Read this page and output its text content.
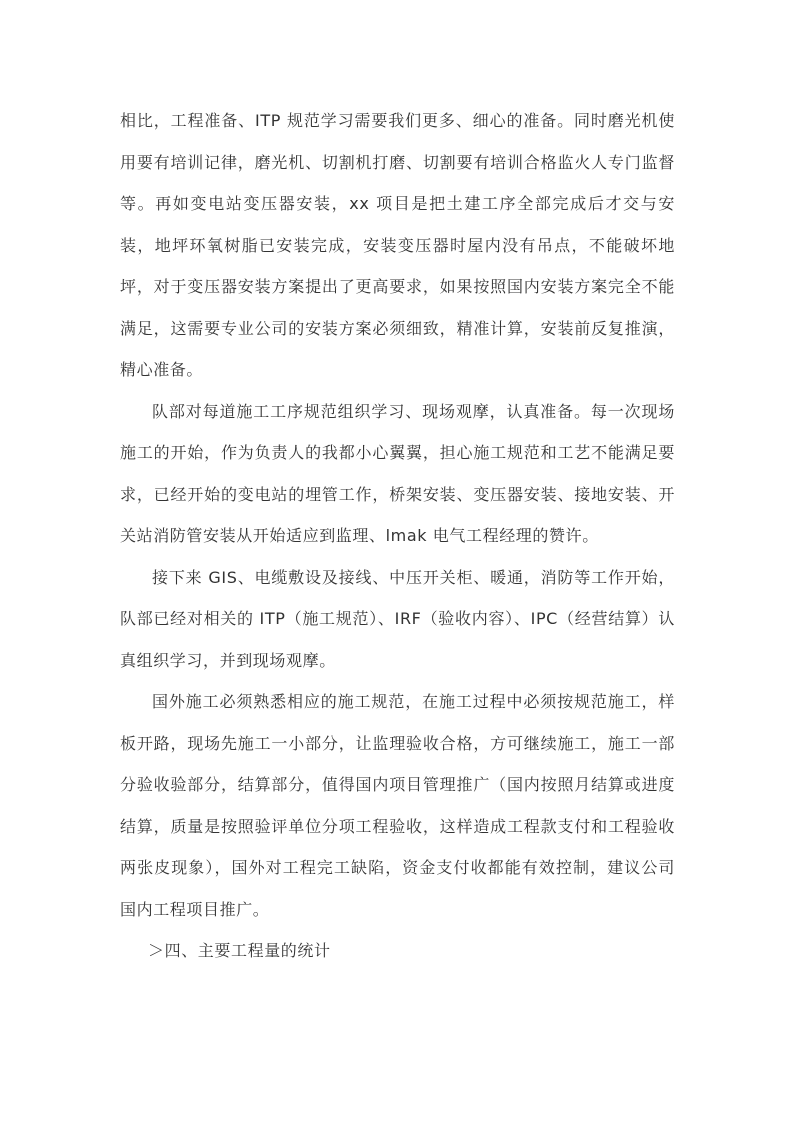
相比，工程准备、ITP 规范学习需要我们更多、细心的准备。同时磨光机使用要有培训记律，磨光机、切割机打磨、切割要有培训合格监火人专门监督等。再如变电站变压器安装，xx 项目是把土建工序全部完成后才交与安装，地坪环氧树脂已安装完成，安装变压器时屋内没有吊点，不能破坏地坪，对于变压器安装方案提出了更高要求，如果按照国内安装方案完全不能满足，这需要专业公司的安装方案必须细致，精准计算，安装前反复推演，精心准备。

队部对每道施工工序规范组织学习、现场观摩，认真准备。每一次现场施工的开始，作为负责人的我都小心翼翼，担心施工规范和工艺不能满足要求，已经开始的变电站的埋管工作，桥架安装、变压器安装、接地安装、开关站消防管安装从开始适应到监理、lmak 电气工程经理的赞许。

接下来 GIS、电缆敷设及接线、中压开关柜、暖通，消防等工作开始，队部已经对相关的 ITP（施工规范）、IRF（验收内容）、IPC（经营结算）认真组织学习，并到现场观摩。

国外施工必须熟悉相应的施工规范，在施工过程中必须按规范施工，样板开路，现场先施工一小部分，让监理验收合格，方可继续施工，施工一部分验收验部分，结算部分，值得国内项目管理推广（国内按照月结算或进度结算，质量是按照验评单位分项工程验收，这样造成工程款支付和工程验收两张皮现象），国外对工程完工缺陷，资金支付收都能有效控制，建议公司国内工程项目推广。

＞四、主要工程量的统计
